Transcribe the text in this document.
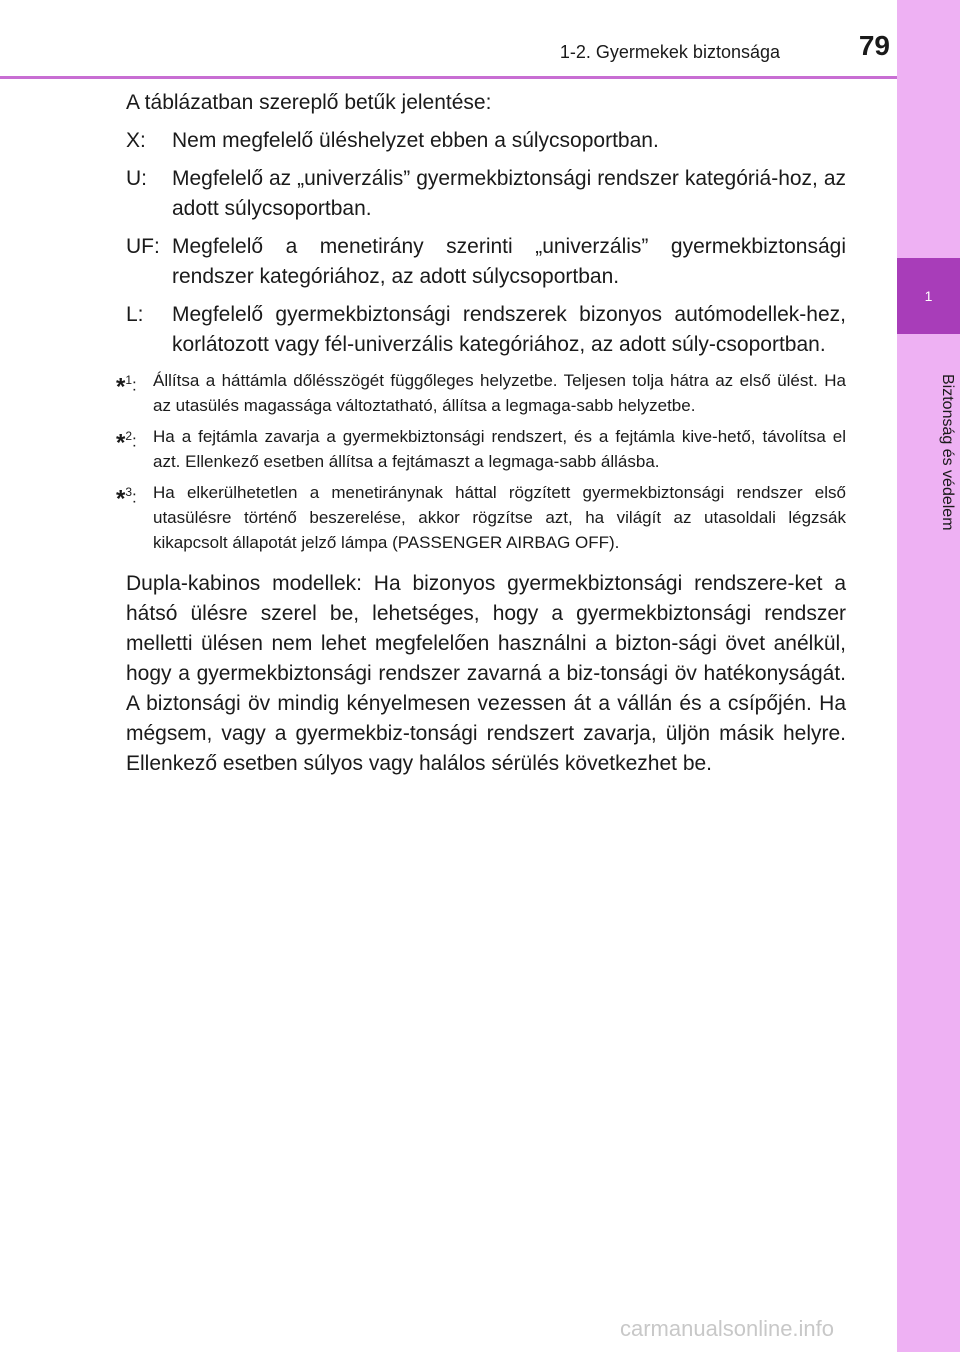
1
Biztonság és védelem
1-2. Gyermekek biztonsága	79

A táblázatban szereplő betűk jelentése:

X:	Nem megfelelő üléshelyzet ebben a súlycsoportban.
U:	Megfelelő az „univerzális” gyermekbiztonsági rendszer kategóriá-hoz, az adott súlycsoportban.
UF: Megfelelő a menetirány szerinti „univerzális” gyermekbiztonsági rendszer kategóriához, az adott súlycsoportban.
L:	Megfelelő gyermekbiztonsági rendszerek bizonyos autómodellek-hez, korlátozott vagy fél-univerzális kategóriához, az adott súly-csoportban.
*$^1$: Állítsa a háttámla dőlésszögét függőleges helyzetbe. Teljesen tolja hátra az első ülést. Ha az utasülés magassága változtatható, állítsa a legmaga-sabb helyzetbe.
*$^2$: Ha a fejtámla zavarja a gyermekbiztonsági rendszert, és a fejtámla kive-hető, távolítsa el azt. Ellenkező esetben állítsa a fejtámaszt a legmaga-sabb állásba.
*$^3$: Ha elkerülhetetlen a menetiránynak háttal rögzített gyermekbiztonsági rendszer első utasülésre történő beszerelése, akkor rögzítse azt, ha világít az utasoldali légzsák kikapcsolt állapotát jelző lámpa (PASSENGER AIRBAG OFF).

Dupla-kabinos modellek: Ha bizonyos gyermekbiztonsági rendszere-ket a hátsó ülésre szerel be, lehetséges, hogy a gyermekbiztonsági rendszer melletti ülésen nem lehet megfelelően használni a bizton-sági övet anélkül, hogy a gyermekbiztonsági rendszer zavarná a biz-tonsági öv hatékonyságát. A biztonsági öv mindig kényelmesen vezessen át a vállán és a csípőjén. Ha mégsem, vagy a gyermekbiz-tonsági rendszert zavarja, üljön másik helyre. Ellenkező esetben súlyos vagy halálos sérülés következhet be.

carmanualsonline.info
